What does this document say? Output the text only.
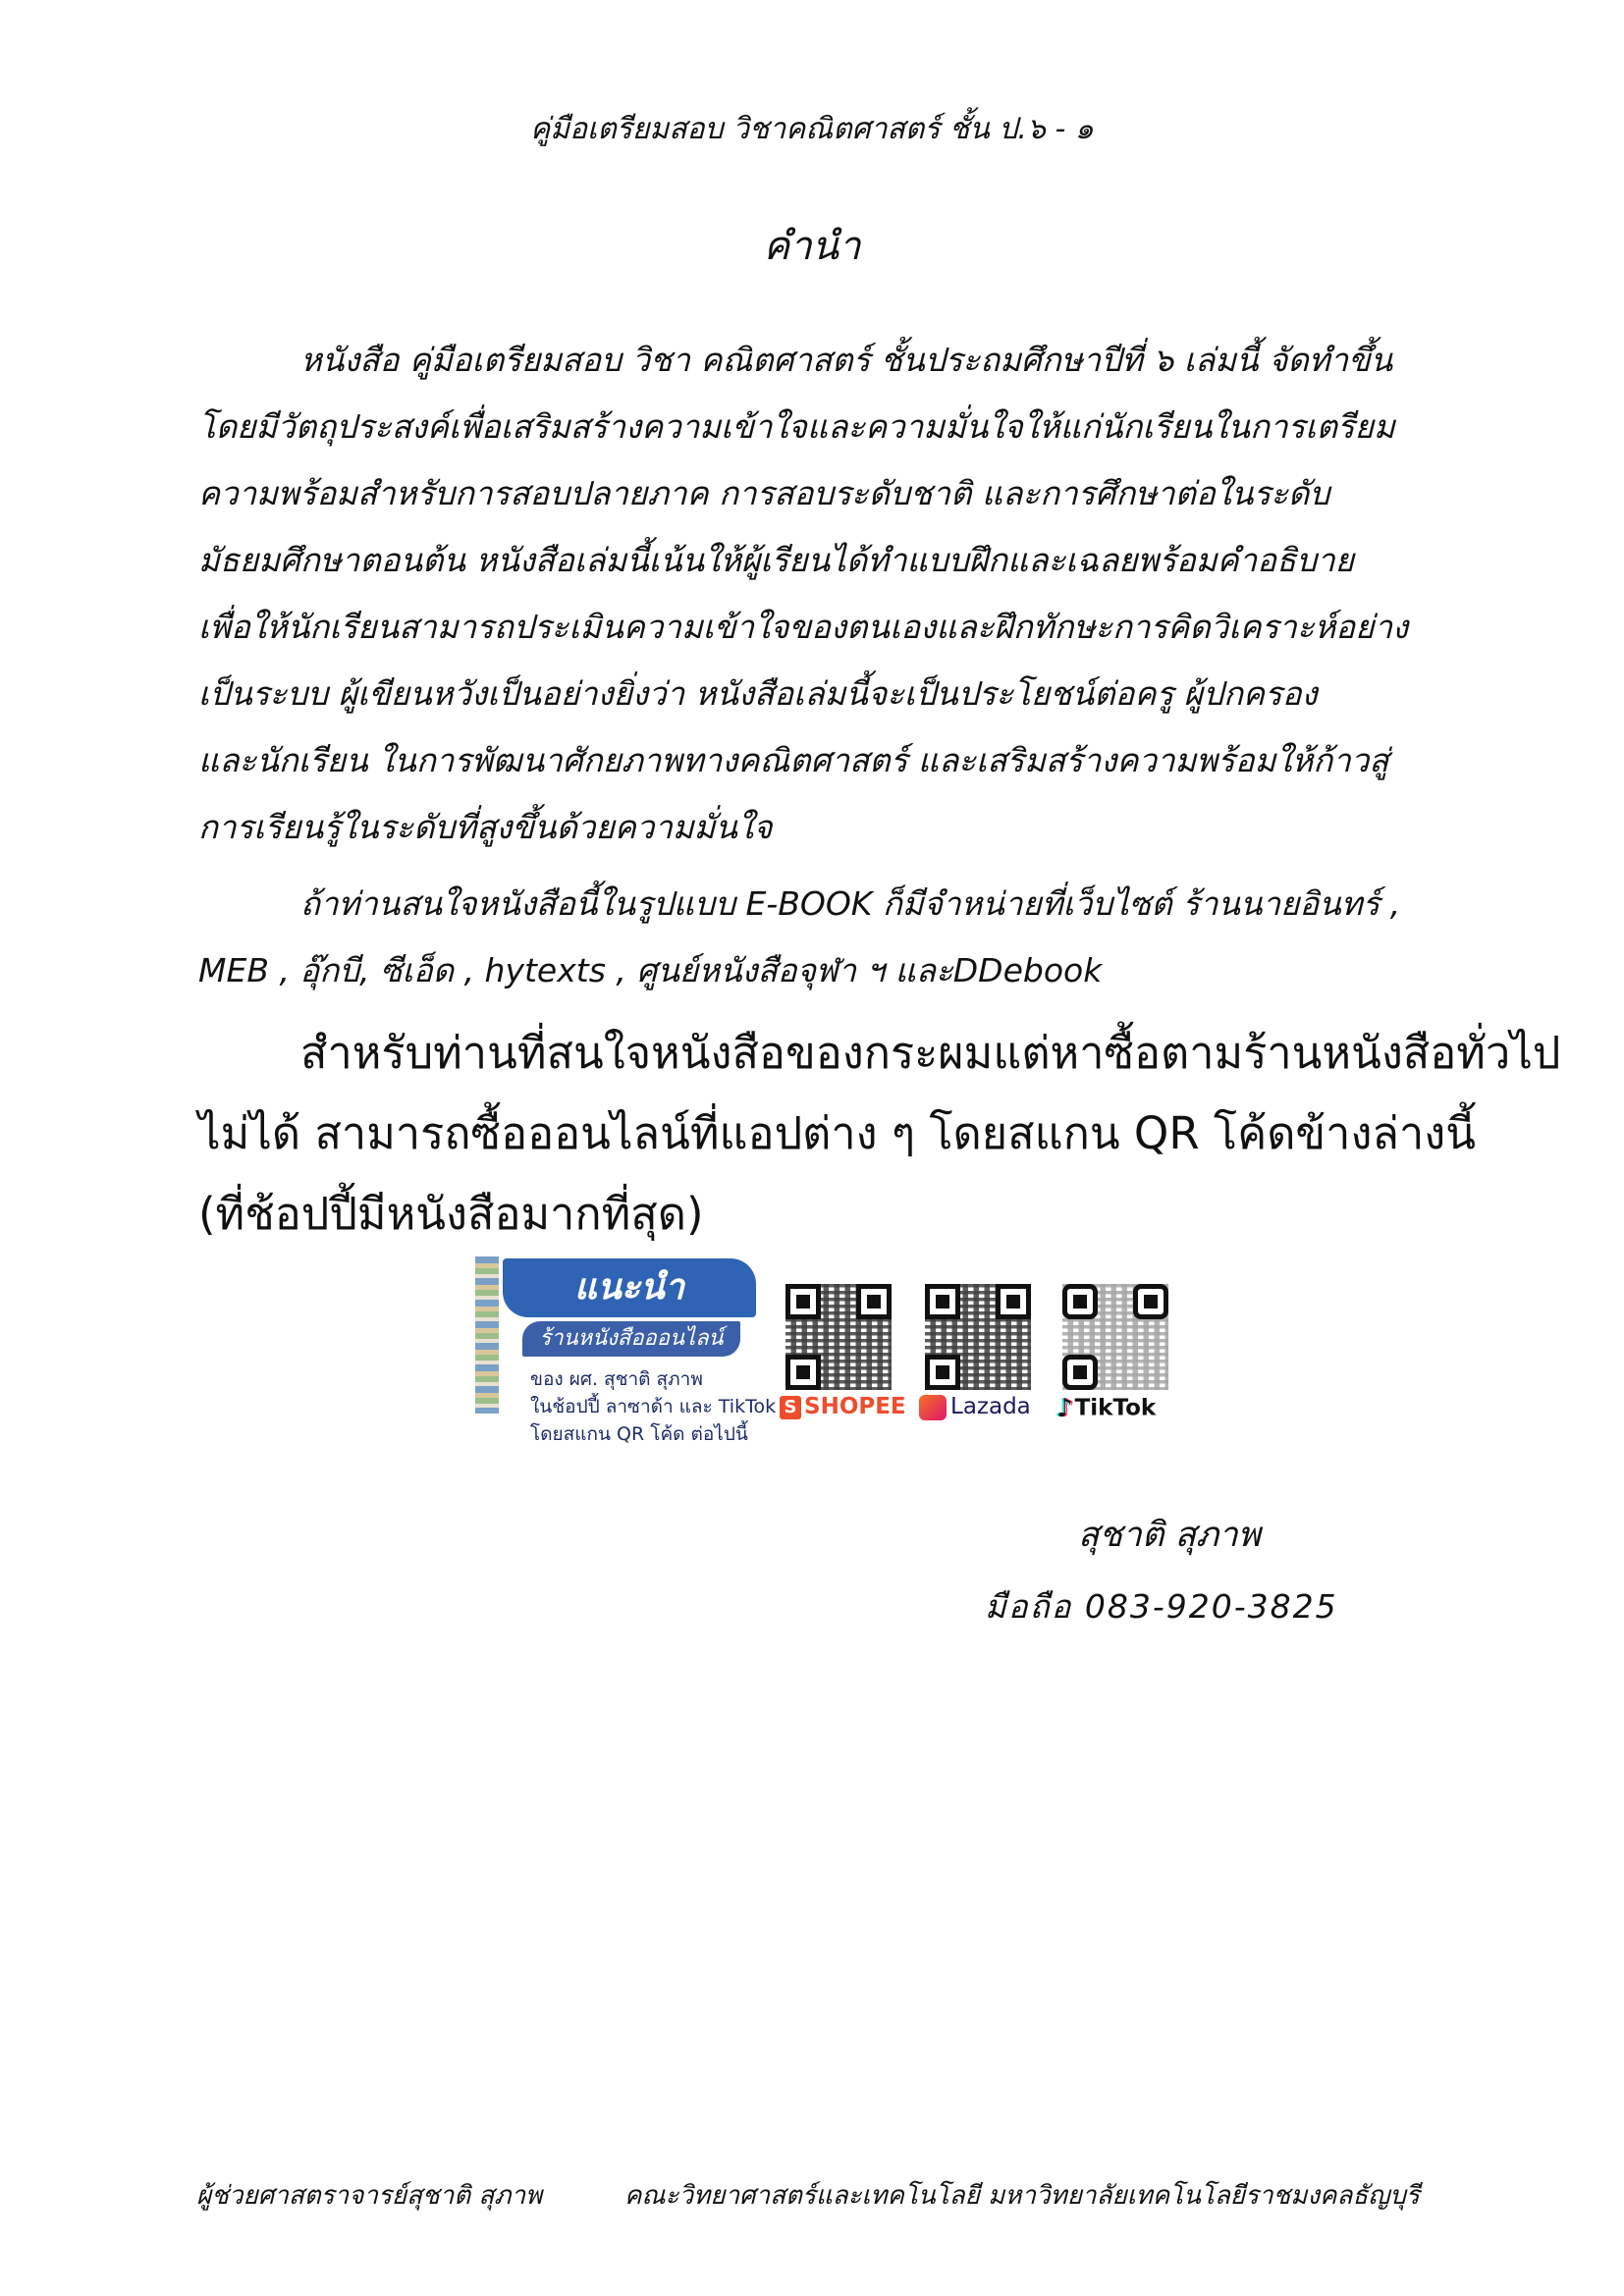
คู่มือเตรียมสอบ วิชาคณิตศาสตร์ ชั้น ป.๖ - ๑
คำนำ
หนังสือ คู่มือเตรียมสอบ วิชา คณิตศาสตร์ ชั้นประถมศึกษาปีที่ ๖ เล่มนี้ จัดทำขึ้น
โดยมีวัตถุประสงค์เพื่อเสริมสร้างความเข้าใจและความมั่นใจให้แก่นักเรียนในการเตรียม
ความพร้อมสำหรับการสอบปลายภาค การสอบระดับชาติ และการศึกษาต่อในระดับ
มัธยมศึกษาตอนต้น หนังสือเล่มนี้เน้นให้ผู้เรียนได้ทำแบบฝึกและเฉลยพร้อมคำอธิบาย
เพื่อให้นักเรียนสามารถประเมินความเข้าใจของตนเองและฝึกทักษะการคิดวิเคราะห์อย่าง
เป็นระบบ ผู้เขียนหวังเป็นอย่างยิ่งว่า หนังสือเล่มนี้จะเป็นประโยชน์ต่อครู ผู้ปกครอง
และนักเรียน ในการพัฒนาศักยภาพทางคณิตศาสตร์ และเสริมสร้างความพร้อมให้ก้าวสู่
การเรียนรู้ในระดับที่สูงขึ้นด้วยความมั่นใจ
ถ้าท่านสนใจหนังสือนี้ในรูปแบบ E-BOOK ก็มีจำหน่ายที่เว็บไซต์ ร้านนายอินทร์ ,
MEB , อุ๊กบี, ซีเอ็ด , hytexts , ศูนย์หนังสือจุฬา ฯ และDDebook
สำหรับท่านที่สนใจหนังสือของกระผมแต่หาซื้อตามร้านหนังสือทั่วไป
ไม่ได้ สามารถซื้อออนไลน์ที่แอปต่าง ๆ โดยสแกน QR โค้ดข้างล่างนี้
(ที่ช้อปปี้มีหนังสือมากที่สุด)
แนะนำ
ร้านหนังสือออนไลน์
ของ ผศ. สุชาติ สุภาพ
ในช้อปปี้ ลาซาด้า และ TikTok
โดยสแกน QR โค้ด ต่อไปนี้
S SHOPEE	Lazada ♪TikTok
สุชาติ สุภาพ
มือถือ 083-920-3825
ผู้ช่วยศาสตราจารย์สุชาติ สุภาพ	คณะวิทยาศาสตร์และเทคโนโลยี มหาวิทยาลัยเทคโนโลยีราชมงคลธัญบุรี
